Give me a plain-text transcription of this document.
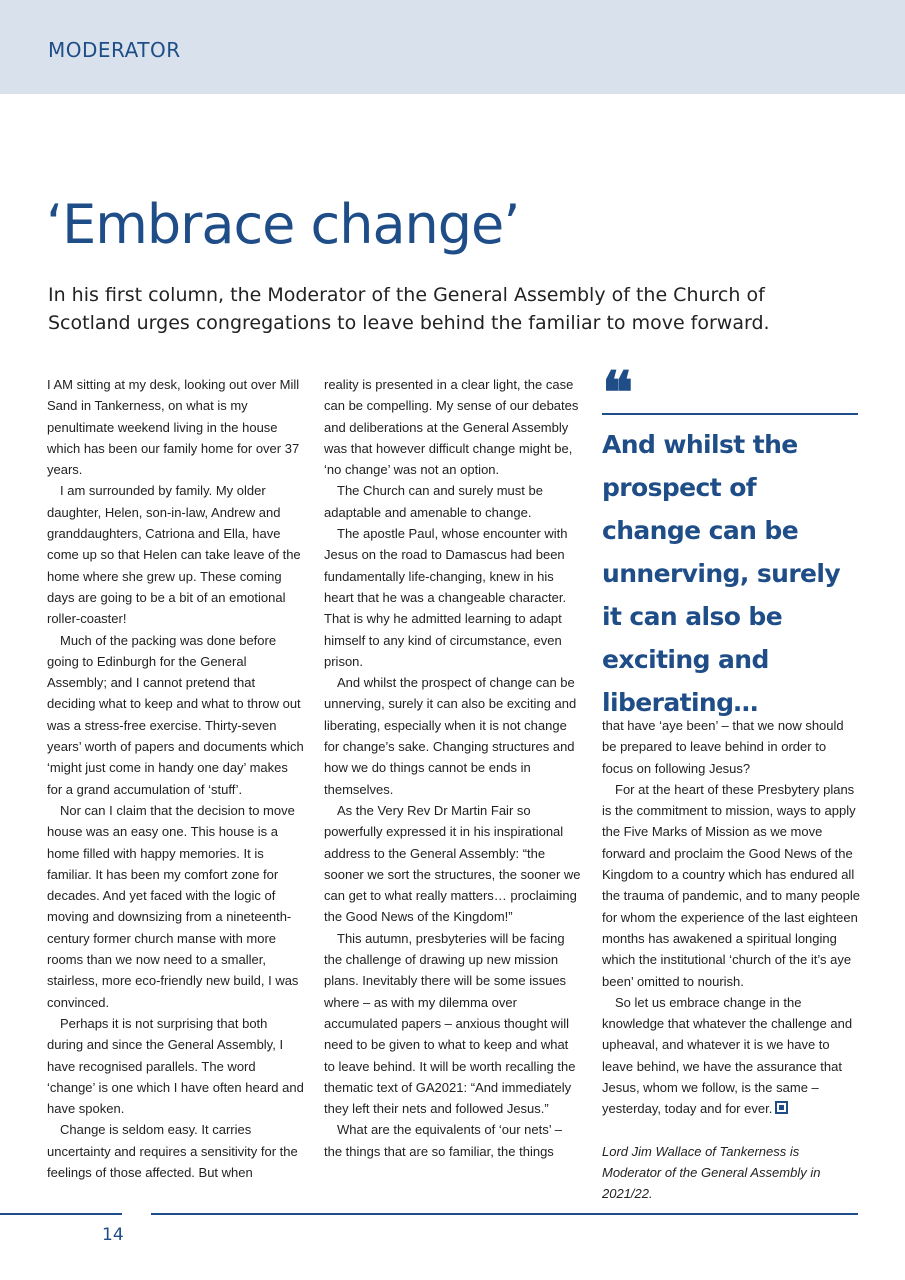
MODERATOR
‘Embrace change’

In his first column, the Moderator of the General Assembly of the Church of Scotland urges congregations to leave behind the familiar to move forward.

I AM sitting at my desk, looking out over Mill Sand in Tankerness, on what is my penultimate weekend living in the house which has been our family home for over 37 years.

I am surrounded by family. My older daughter, Helen, son-in-law, Andrew and granddaughters, Catriona and Ella, have come up so that Helen can take leave of the home where she grew up. These coming days are going to be a bit of an emotional roller-coaster!

Much of the packing was done before going to Edinburgh for the General Assembly; and I cannot pretend that deciding what to keep and what to throw out was a stress-free exercise. Thirty-seven years’ worth of papers and documents which ‘might just come in handy one day’ makes for a grand accumulation of ‘stuff’.

Nor can I claim that the decision to move house was an easy one. This house is a home filled with happy memories. It is familiar. It has been my comfort zone for decades. And yet faced with the logic of moving and downsizing from a nineteenth-century former church manse with more rooms than we now need to a smaller, stairless, more eco-friendly new build, I was convinced.

Perhaps it is not surprising that both during and since the General Assembly, I have recognised parallels. The word ‘change’ is one which I have often heard and have spoken.

Change is seldom easy. It carries uncertainty and requires a sensitivity for the feelings of those affected. But when

reality is presented in a clear light, the case can be compelling. My sense of our debates and deliberations at the General Assembly was that however difficult change might be, ‘no change’ was not an option.

The Church can and surely must be adaptable and amenable to change.

The apostle Paul, whose encounter with Jesus on the road to Damascus had been fundamentally life-changing, knew in his heart that he was a changeable character. That is why he admitted learning to adapt himself to any kind of circumstance, even prison.

And whilst the prospect of change can be unnerving, surely it can also be exciting and liberating, especially when it is not change for change’s sake. Changing structures and how we do things cannot be ends in themselves.

As the Very Rev Dr Martin Fair so powerfully expressed it in his inspirational address to the General Assembly: “the sooner we sort the structures, the sooner we can get to what really matters… proclaiming the Good News of the Kingdom!”

This autumn, presbyteries will be facing the challenge of drawing up new mission plans. Inevitably there will be some issues where – as with my dilemma over accumulated papers – anxious thought will need to be given to what to keep and what to leave behind. It will be worth recalling the thematic text of GA2021: “And immediately they left their nets and followed Jesus.”

What are the equivalents of ‘our nets’ – the things that are so familiar, the things

❝

And whilst the prospect of change can be unnerving, surely it can also be exciting and liberating…

that have ‘aye been’ – that we now should be prepared to leave behind in order to focus on following Jesus?

For at the heart of these Presbytery plans is the commitment to mission, ways to apply the Five Marks of Mission as we move forward and proclaim the Good News of the Kingdom to a country which has endured all the trauma of pandemic, and to many people for whom the experience of the last eighteen months has awakened a spiritual longing which the institutional ‘church of the it’s aye been’ omitted to nourish.

So let us embrace change in the knowledge that whatever the challenge and upheaval, and whatever it is we have to leave behind, we have the assurance that Jesus, whom we follow, is the same – yesterday, today and for ever.

Lord Jim Wallace of Tankerness is Moderator of the General Assembly in 2021/22.

14
